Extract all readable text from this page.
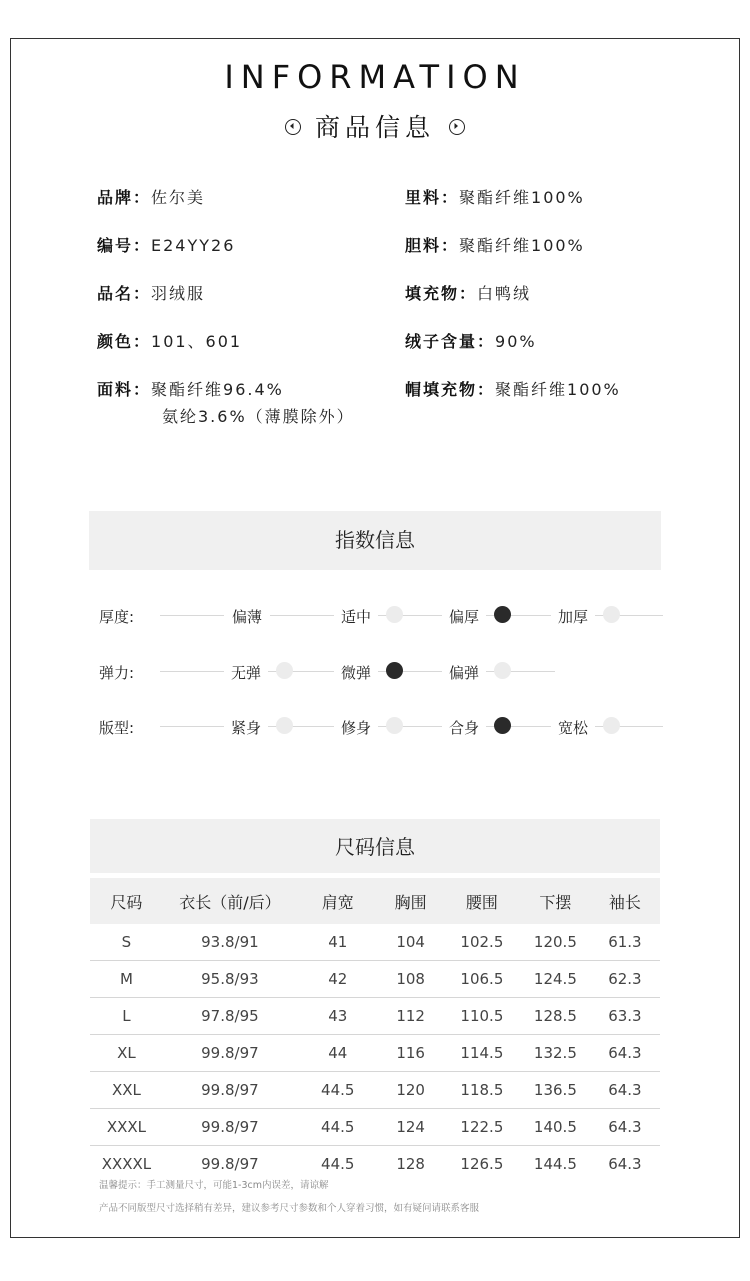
INFORMATION
商品信息
品牌：佐尔美
编号：E24YY26
品名：羽绒服
颜色：101、601
面料：聚酯纤维96.4%
氨纶3.6%（薄膜除外）
里料：聚酯纤维100%
胆料：聚酯纤维100%
填充物：白鸭绒
绒子含量：90%
帽填充物：聚酯纤维100%
指数信息
厚度:	偏薄	适中	偏厚	加厚
弹力:	无弹	微弹	偏弹
版型:	紧身	修身	合身	宽松
尺码信息
尺码	衣长（前/后）	肩宽	胸围	腰围	下摆	袖长
S	93.8/91	41	104	102.5	120.5	61.3
M	95.8/93	42	108	106.5	124.5	62.3
L	97.8/95	43	112	110.5	128.5	63.3
XL	99.8/97	44	116	114.5	132.5	64.3
XXL	99.8/97	44.5	120	118.5	136.5	64.3
XXXL	99.8/97	44.5	124	122.5	140.5	64.3
XXXXL	99.8/97	44.5	128	126.5	144.5	64.3
温馨提示：手工测量尺寸，可能1-3cm内误差，请谅解
产品不同版型尺寸选择稍有差异，建议参考尺寸参数和个人穿着习惯，如有疑问请联系客服
